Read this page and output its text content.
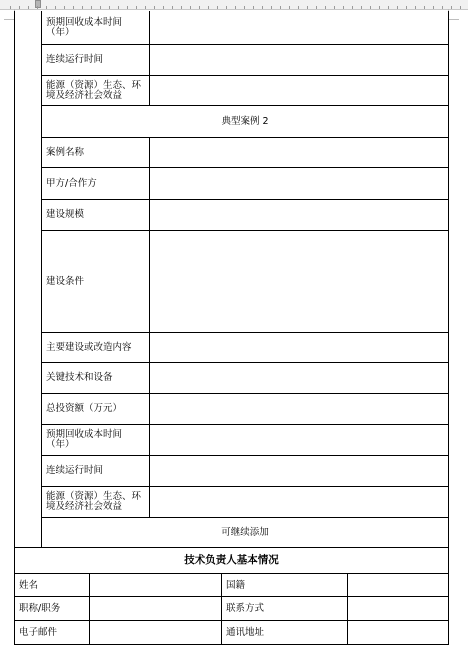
预期回收成本时间（年）
连续运行时间
能源（资源）生态、环境及经济社会效益
典型案例 2
案例名称
甲方/合作方
建设规模
建设条件
主要建设或改造内容
关键技术和设备
总投资额（万元）
预期回收成本时间（年）
连续运行时间
能源（资源）生态、环境及经济社会效益
可继续添加
技术负责人基本情况
姓名	国籍
职称/职务	联系方式
电子邮件	通讯地址
